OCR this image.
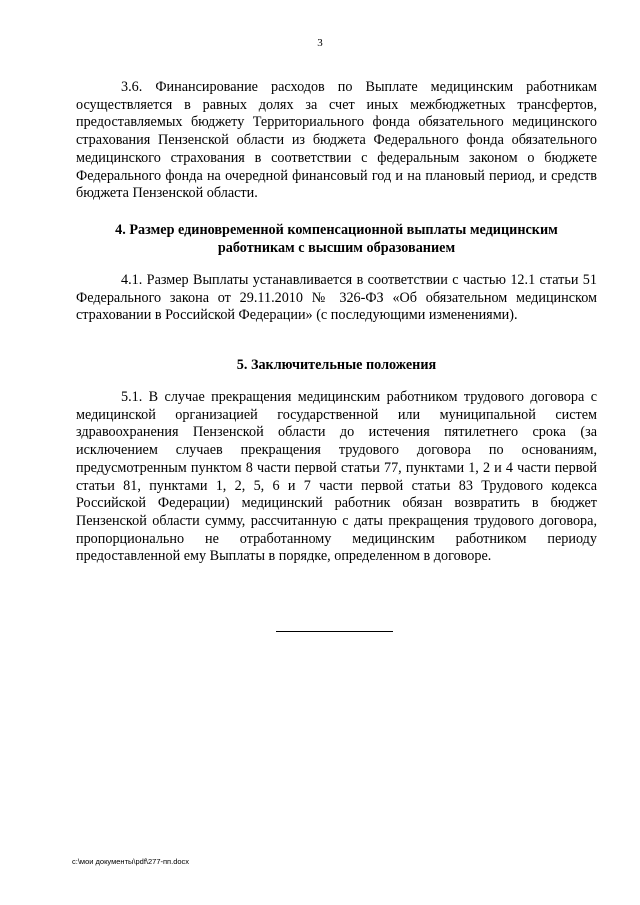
3

3.6. Финансирование расходов по Выплате медицинским работникам осуществляется в равных долях за счет иных межбюджетных трансфертов, предоставляемых бюджету Территориального фонда обязательного медицинского страхования Пензенской области из бюджета Федерального фонда обязательного медицинского страхования в соответствии с федеральным законом о бюджете Федерального фонда на очередной финансовый год и на плановый период, и средств бюджета Пензенской области.

4. Размер единовременной компенсационной выплаты медицинским
работникам с высшим образованием

4.1. Размер Выплаты устанавливается в соответствии с частью 12.1 статьи 51 Федерального закона от 29.11.2010 № 326-ФЗ «Об обязательном медицинском страховании в Российской Федерации» (с последующими изменениями).

5. Заключительные положения

5.1. В случае прекращения медицинским работником трудового договора с медицинской организацией государственной или муниципальной систем здравоохранения Пензенской области до истечения пятилетнего срока (за исключением случаев прекращения трудового договора по основаниям, предусмотренным пунктом 8 части первой статьи 77, пунктами 1, 2 и 4 части первой статьи 81, пунктами 1, 2, 5, 6 и 7 части первой статьи 83 Трудового кодекса Российской Федерации) медицинский работник обязан возвратить в бюджет Пензенской области сумму, рассчитанную с даты прекращения трудового договора, пропорционально не отработанному медицинским работником периоду предоставленной ему Выплаты в порядке, определенном в договоре.

c:\мои документы\pdf\277-пп.docx
